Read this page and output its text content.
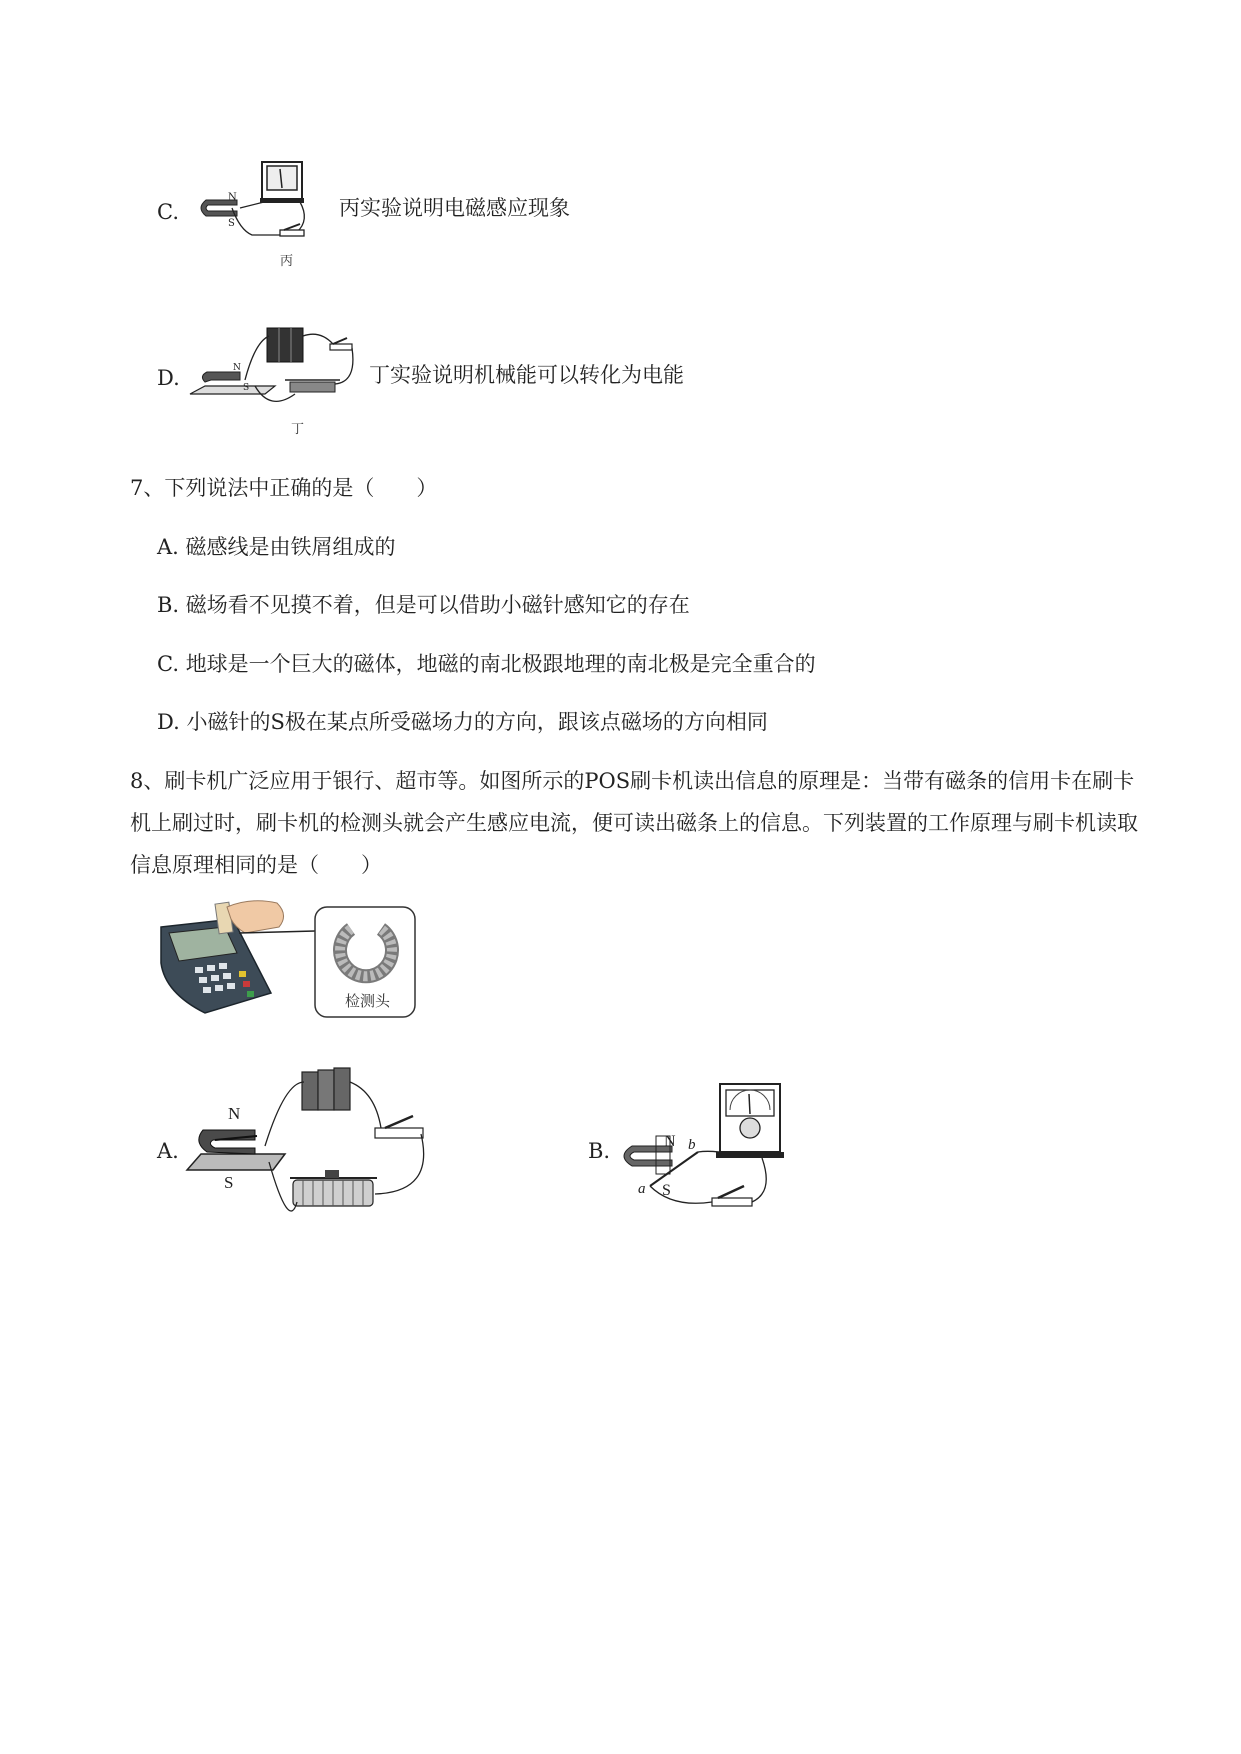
C.
N
S
丙
丙实验说明电磁感应现象
D.	N
S
丁
丁实验说明机械能可以转化为电能
7、下列说法中正确的是（　　）
A. 磁感线是由铁屑组成的
B. 磁场看不见摸不着，但是可以借助小磁针感知它的存在
C. 地球是一个巨大的磁体，地磁的南北极跟地理的南北极是完全重合的
D. 小磁针的S极在某点所受磁场力的方向，跟该点磁场的方向相同
8、刷卡机广泛应用于银行、超市等。如图所示的POS刷卡机读出信息的原理是：当带有磁条的信用卡在刷卡机上刷过时，刷卡机的检测头就会产生感应电流，便可读出磁条上的信息。下列装置的工作原理与刷卡机读取信息原理相同的是（　　）
检测头
A.
N
S
B.	N
S
a
b
